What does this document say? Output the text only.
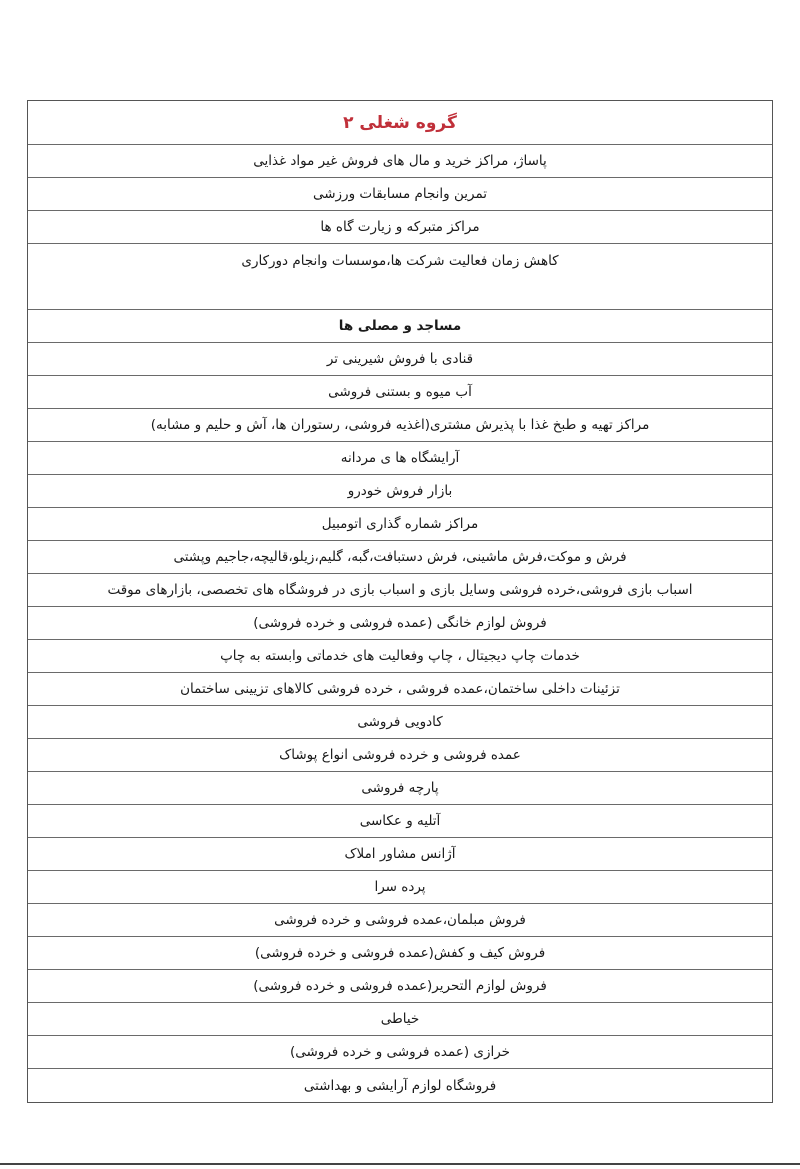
گروه شغلی ۲
پاساژ، مراکز خرید و مال های فروش غیر مواد غذایی
تمرین وانجام مسابقات ورزشی
مراکز متبرکه و زیارت گاه ها
کاهش زمان فعالیت شرکت ها،موسسات وانجام دورکاری
مساجد و مصلی ها
قنادی با فروش شیرینی تر
آب میوه و بستنی فروشی
مراکز تهیه و طبخ غذا با پذیرش مشتری(اغذیه فروشی، رستوران ها، آش و حلیم و مشابه)
آرایشگاه ها ی مردانه
بازار فروش خودرو
مراکز شماره گذاری اتومبیل
فرش و موکت،فرش ماشینی، فرش دستبافت،گبه، گلیم،زیلو،قالیچه،جاجیم وپشتی
اسباب بازی فروشی،خرده فروشی وسایل بازی و اسباب بازی در فروشگاه های تخصصی، بازارهای موقت
فروش لوازم خانگی (عمده فروشی و خرده فروشی)
خدمات چاپ دیجیتال ، چاپ وفعالیت های خدماتی وابسته به چاپ
تزئینات داخلی ساختمان،عمده فروشی ، خرده فروشی کالاهای تزیینی ساختمان
کادویی فروشی
عمده فروشی و خرده فروشی انواع پوشاک
پارچه فروشی
آتلیه و عکاسی
آژانس مشاور املاک
پرده سرا
فروش مبلمان،عمده فروشی و خرده فروشی
فروش کیف و کفش(عمده فروشی و خرده فروشی)
فروش لوازم التحریر(عمده فروشی و خرده فروشی)
خیاطی
خرازی (عمده فروشی و خرده فروشی)
فروشگاه لوازم آرایشی و بهداشتی
